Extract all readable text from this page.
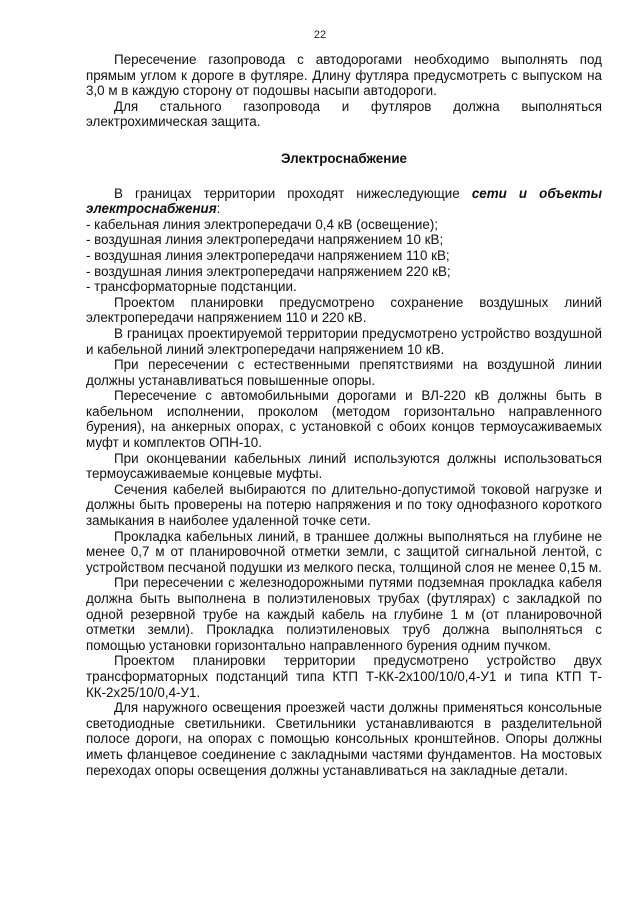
22

Пересечение газопровода с автодорогами необходимо выполнять под прямым углом к дороге в футляре. Длину футляра предусмотреть с выпуском на 3,0 м в каждую сторону от подошвы насыпи автодороги.

Для стального газопровода и футляров должна выполняться электрохимическая защита.

Электроснабжение

В границах территории проходят нижеследующие сети и объекты электроснабжения:

- кабельная линия электропередачи 0,4 кВ (освещение);

- воздушная линия электропередачи напряжением 10 кВ;

- воздушная линия электропередачи напряжением 110 кВ;

- воздушная линия электропередачи напряжением 220 кВ;

- трансформаторные подстанции.

Проектом планировки предусмотрено сохранение воздушных линий электропередачи напряжением 110 и 220 кВ.

В границах проектируемой территории предусмотрено устройство воздушной и кабельной линий электропередачи напряжением 10 кВ.

При пересечении с естественными препятствиями на воздушной линии должны устанавливаться повышенные опоры.

Пересечение с автомобильными дорогами и ВЛ-220 кВ должны быть в кабельном исполнении, проколом (методом горизонтально направленного бурения), на анкерных опорах, с установкой с обоих концов термоусаживаемых муфт и комплектов ОПН-10.

При оконцевании кабельных линий используются должны использоваться термоусаживаемые концевые муфты.

Сечения кабелей выбираются по длительно-допустимой токовой нагрузке и должны быть проверены на потерю напряжения и по току однофазного короткого замыкания в наиболее удаленной точке сети.

Прокладка кабельных линий, в траншее должны выполняться на глубине не менее 0,7 м от планировочной отметки земли, с защитой сигнальной лентой, с устройством песчаной подушки из мелкого песка, толщиной слоя не менее 0,15 м.

При пересечении с железнодорожными путями подземная прокладка кабеля должна быть выполнена в полиэтиленовых трубах (футлярах) с закладкой по одной резервной трубе на каждый кабель на глубине 1 м (от планировочной отметки земли). Прокладка полиэтиленовых труб должна выполняться с помощью установки горизонтально направленного бурения одним пучком.

Проектом планировки территории предусмотрено устройство двух трансформаторных подстанций типа КТП Т-КК-2х100/10/0,4-У1 и типа КТП Т-КК-2х25/10/0,4-У1.

Для наружного освещения проезжей части должны применяться консольные светодиодные светильники. Светильники устанавливаются в разделительной полосе дороги, на опорах с помощью консольных кронштейнов. Опоры должны иметь фланцевое соединение с закладными частями фундаментов. На мостовых переходах опоры освещения должны устанавливаться на закладные детали.
